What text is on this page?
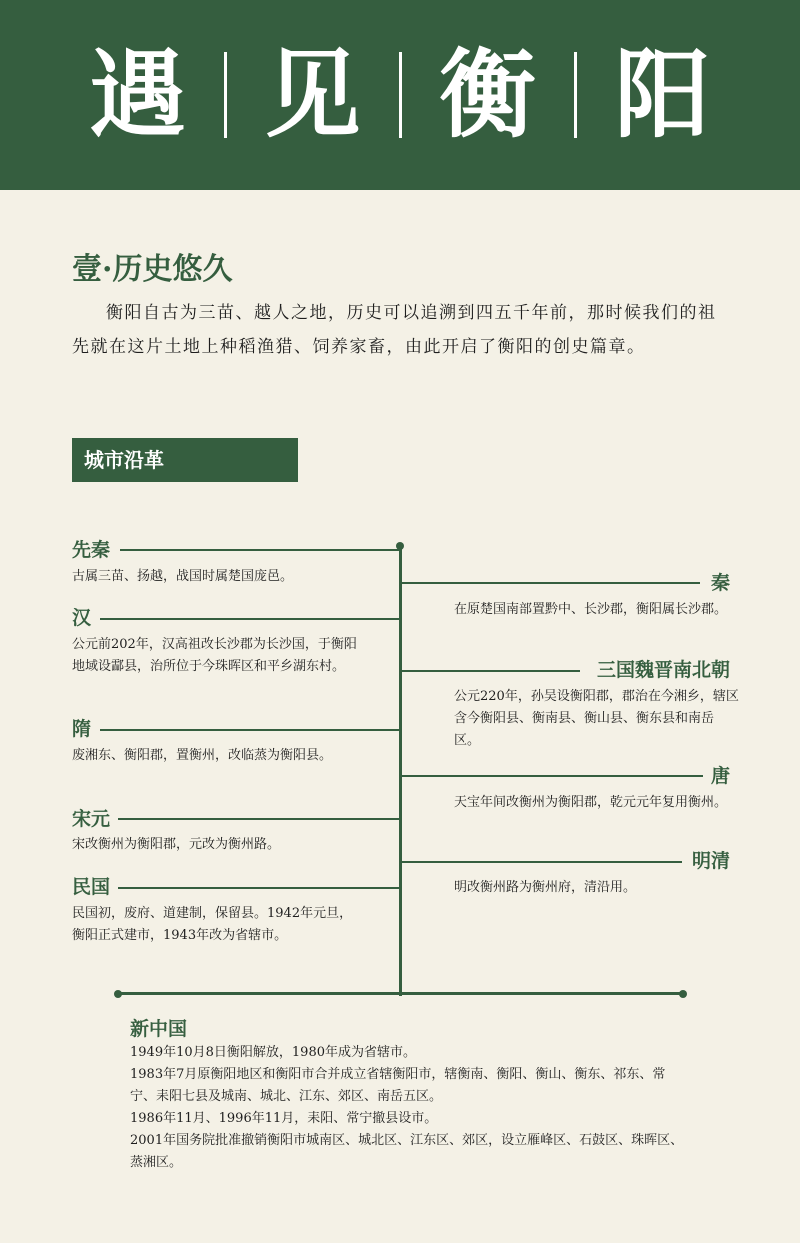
遇 见 衡 阳
壹·历史悠久

衡阳自古为三苗、越人之地，历史可以追溯到四五千年前，那时候我们的祖先就在这片土地上种稻渔猎、饲养家畜，由此开启了衡阳的创史篇章。

城市沿革
先秦

古属三苗、扬越，战国时属楚国庞邑。

汉

公元前202年，汉高祖改长沙郡为长沙国，于衡阳地域设酃县，治所位于今珠晖区和平乡湖东村。

隋

废湘东、衡阳郡，置衡州，改临蒸为衡阳县。

宋元

宋改衡州为衡阳郡，元改为衡州路。

民国

民国初，废府、道建制，保留县。1942年元旦，衡阳正式建市，1943年改为省辖市。

秦

在原楚国南部置黔中、长沙郡，衡阳属长沙郡。

三国魏晋南北朝

公元220年，孙吴设衡阳郡，郡治在今湘乡，辖区含今衡阳县、衡南县、衡山县、衡东县和南岳区。

唐

天宝年间改衡州为衡阳郡，乾元元年复用衡州。

明清

明改衡州路为衡州府，清沿用。

新中国
1949年10月8日衡阳解放，1980年成为省辖市。
1983年7月原衡阳地区和衡阳市合并成立省辖衡阳市，辖衡南、衡阳、衡山、衡东、祁东、常宁、耒阳七县及城南、城北、江东、郊区、南岳五区。
1986年11月、1996年11月，耒阳、常宁撤县设市。
2001年国务院批准撤销衡阳市城南区、城北区、江东区、郊区，设立雁峰区、石鼓区、珠晖区、蒸湘区。
